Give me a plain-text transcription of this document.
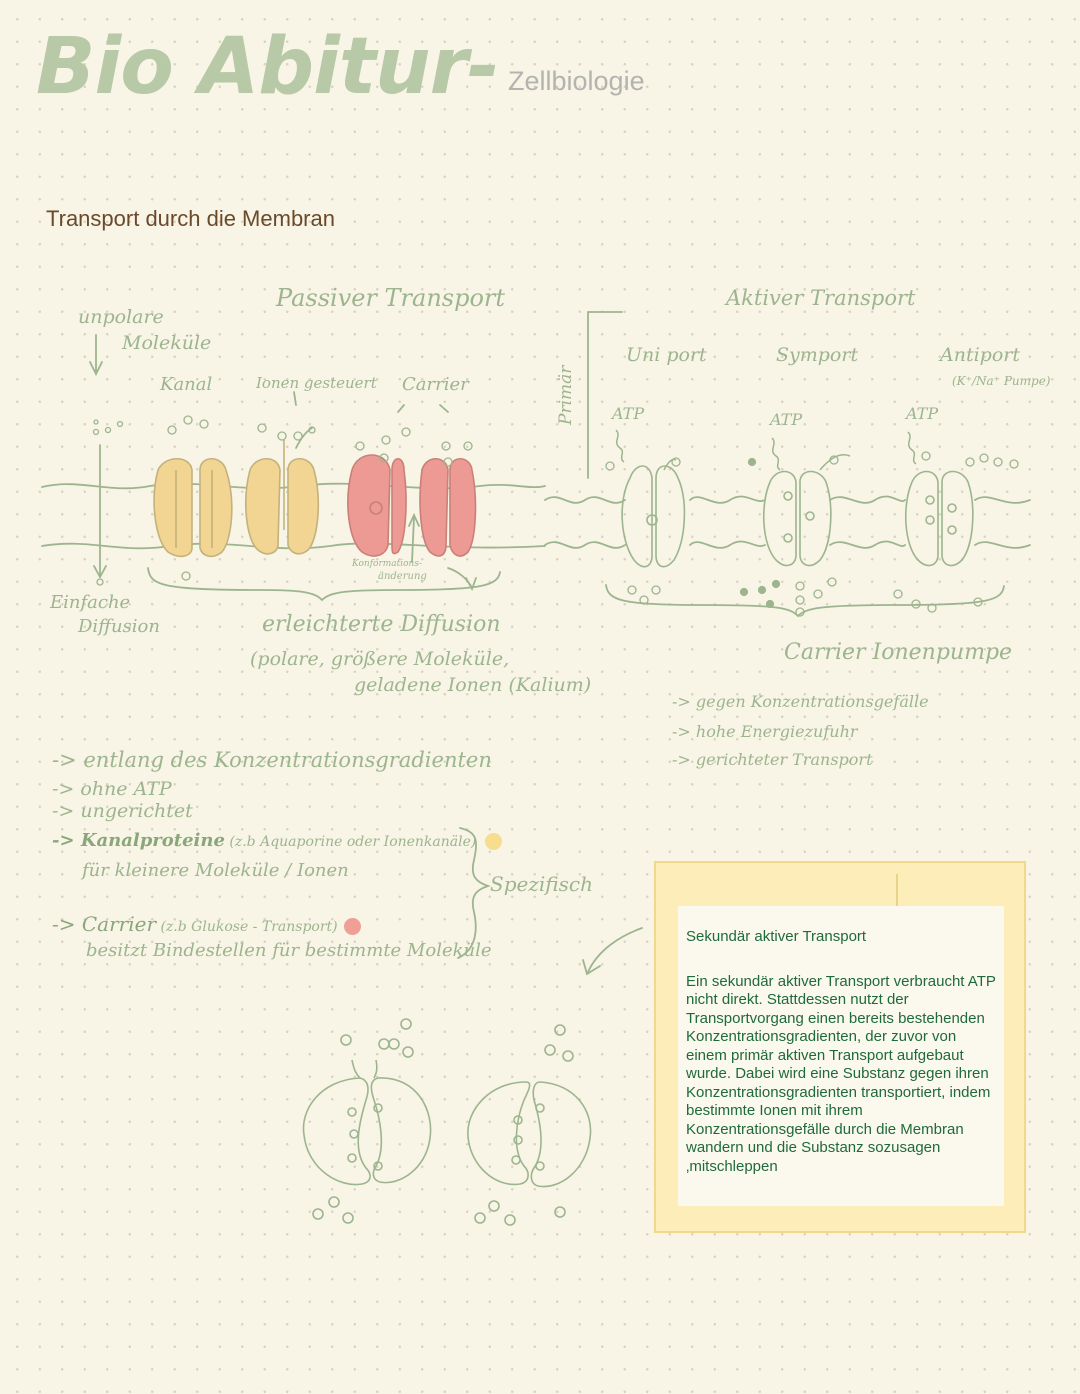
Bio Abitur- Zellbiologie
Transport durch die Membran
Passiver Transport	Aktiver Transport
unpolare
Moleküle
Kanal	Ionen gesteuert Carrier	Primär
Uni port	Symport	Antiport
(K⁺/Na⁺ Pumpe)
ATP	ATP	ATP
Konformations-
änderung
Einfache
Diffusion	erleichterte Diffusion
(polare, größere Moleküle,
geladene Ionen (Kalium)
Carrier Ionenpumpe
-> gegen Konzentrationsgefälle
-> hohe Energiezufuhr
-> gerichteter Transport
-> entlang des Konzentrationsgradienten
-> ohne ATP
-> ungerichtet
-> Kanalproteine (z.b Aquaporine oder Ionenkanäle)
für kleinere Moleküle / Ionen
-> Carrier (z.b Glukose - Transport)
besitzt Bindestellen für bestimmte Moleküle
Spezifisch

Sekundär aktiver Transport

Ein sekundär aktiver Transport verbraucht ATP nicht direkt. Stattdessen nutzt der Transportvorgang einen bereits bestehenden Konzentrationsgradienten, der zuvor von einem primär aktiven Transport aufgebaut wurde. Dabei wird eine Substanz gegen ihren Konzentrationsgradienten transportiert, indem bestimmte Ionen mit ihrem Konzentrationsgefälle durch die Membran wandern und die Substanz sozusagen ‚mitschleppen
